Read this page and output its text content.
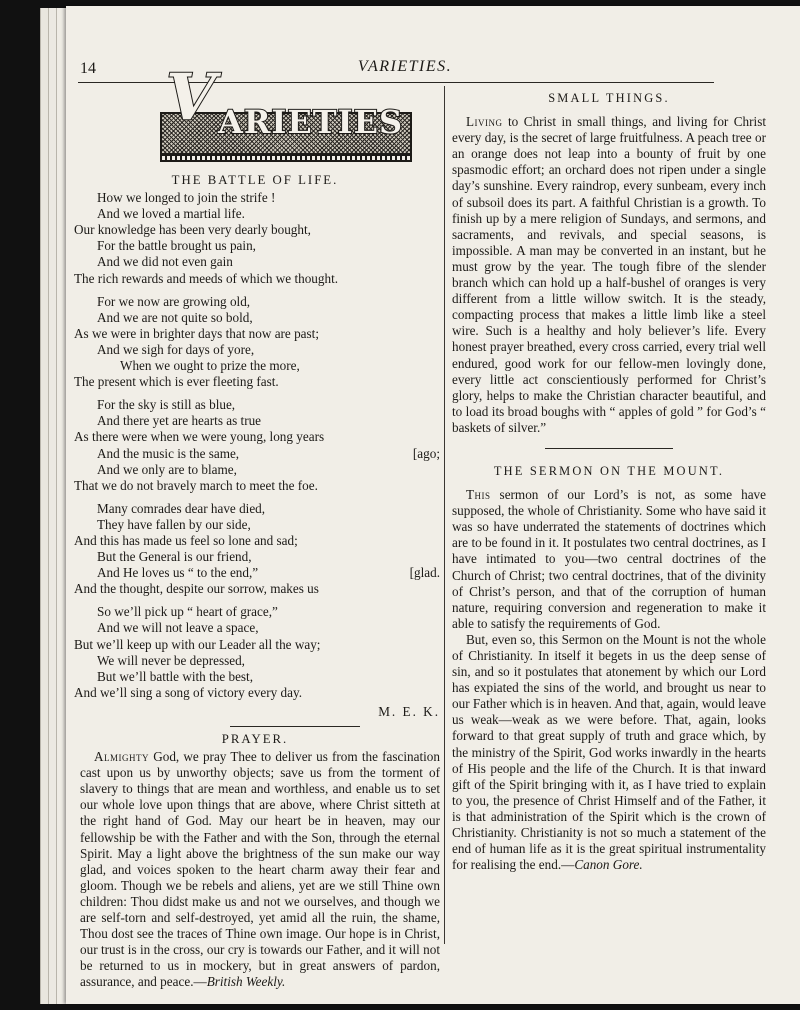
14	VARIETIES.
V ARIETIES
THE BATTLE OF LIFE.
How we longed to join the strife !
And we loved a martial life.
Our knowledge has been very dearly bought,
For the battle brought us pain,
And we did not even gain
The rich rewards and meeds of which we thought.
For we now are growing old,
And we are not quite so bold,
As we were in brighter days that now are past;
And we sigh for days of yore,
When we ought to prize the more,
The present which is ever fleeting fast.
For the sky is still as blue,
And there yet are hearts as true
As there were when we were young, long years
And the music is the same,	[ago;
And we only are to blame,
That we do not bravely march to meet the foe.
Many comrades dear have died,
They have fallen by our side,
And this has made us feel so lone and sad;
But the General is our friend,
And He loves us “ to the end,”	[glad.
And the thought, despite our sorrow, makes us
So we’ll pick up “ heart of grace,”
And we will not leave a space,
But we’ll keep up with our Leader all the way;
We will never be depressed,
But we’ll battle with the best,
And we’ll sing a song of victory every day.
M. E. K.
PRAYER.

Almighty God, we pray Thee to deliver us from the fascination cast upon us by unworthy objects; save us from the torment of slavery to things that are mean and worthless, and enable us to set our whole love upon things that are above, where Christ sitteth at the right hand of God. May our heart be in heaven, may our fellowship be with the Father and with the Son, through the eternal Spirit. May a light above the brightness of the sun make our way glad, and voices spoken to the heart charm away their fear and gloom. Though we be rebels and aliens, yet are we still Thine own children: Thou didst make us and not we ourselves, and though we are self-torn and self-destroyed, yet amid all the ruin, the shame, Thou dost see the traces of Thine own image. Our hope is in Christ, our trust is in the cross, our cry is towards our Father, and it will not be returned to us in mockery, but in great answers of pardon, assurance, and peace.—British Weekly.

SMALL THINGS.

Living to Christ in small things, and living for Christ every day, is the secret of large fruitfulness. A peach tree or an orange does not leap into a bounty of fruit by one spasmodic effort; an orchard does not ripen under a single day’s sunshine. Every raindrop, every sunbeam, every inch of subsoil does its part. A faithful Christian is a growth. To finish up by a mere religion of Sundays, and sermons, and sacraments, and revivals, and special seasons, is impossible. A man may be converted in an instant, but he must grow by the year. The tough fibre of the slender branch which can hold up a half-bushel of oranges is very different from a little willow switch. It is the steady, compacting process that makes a little limb like a steel wire. Such is a healthy and holy believer’s life. Every honest prayer breathed, every cross carried, every trial well endured, good work for our fellow-men lovingly done, every little act conscientiously performed for Christ’s glory, helps to make the Christian character beautiful, and to load its broad boughs with “ apples of gold ” for God’s “ baskets of silver.”

THE SERMON ON THE MOUNT.

This sermon of our Lord’s is not, as some have supposed, the whole of Christianity. Some who have said it was so have underrated the statements of doctrines which are to be found in it. It postulates two central doctrines, as I have intimated to you—two central doctrines of the Church of Christ; two central doctrines, that of the divinity of Christ’s person, and that of the corruption of human nature, requiring conversion and regeneration to make it able to satisfy the requirements of God.

But, even so, this Sermon on the Mount is not the whole of Christianity. In itself it begets in us the deep sense of sin, and so it postulates that atonement by which our Lord has expiated the sins of the world, and brought us near to our Father which is in heaven. And that, again, would leave us weak—weak as we were before. That, again, looks forward to that great supply of truth and grace which, by the ministry of the Spirit, God works inwardly in the hearts of His people and the life of the Church. It is that inward gift of the Spirit bringing with it, as I have tried to explain to you, the presence of Christ Himself and of the Father, it is that administration of the Spirit which is the crown of Christianity. Christianity is not so much a statement of the end of human life as it is the great spiritual instrumentality for realising the end.—Canon Gore.
